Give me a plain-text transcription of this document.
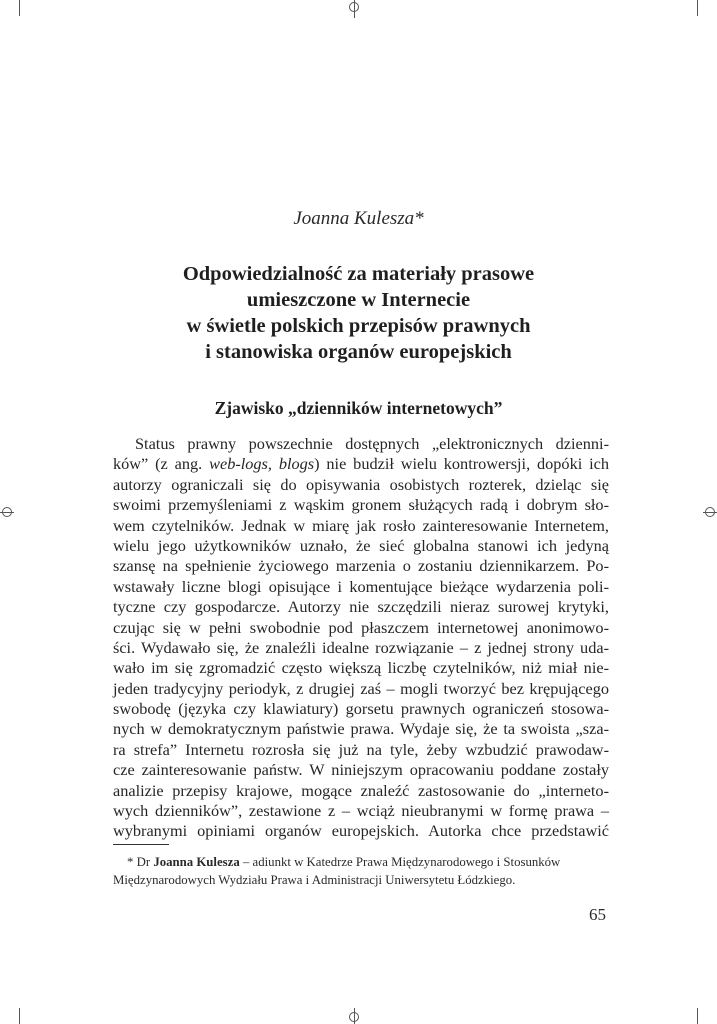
Joanna Kulesza*
Odpowiedzialność za materiały prasowe
umieszczone w Internecie
w świetle polskich przepisów prawnych
i stanowiska organów europejskich
Zjawisko „dzienników internetowych”
Status prawny powszechnie dostępnych „elektronicznych dzienni-
ków” (z ang. web-logs, blogs) nie budził wielu kontrowersji, dopóki ich
autorzy ograniczali się do opisywania osobistych rozterek, dzieląc się
swoimi przemyśleniami z wąskim gronem służących radą i dobrym sło-
wem czytelników. Jednak w miarę jak rosło zainteresowanie Internetem,
wielu jego użytkowników uznało, że sieć globalna stanowi ich jedyną
szansę na spełnienie życiowego marzenia o zostaniu dziennikarzem. Po-
wstawały liczne blogi opisujące i komentujące bieżące wydarzenia poli-
tyczne czy gospodarcze. Autorzy nie szczędzili nieraz surowej krytyki,
czując się w pełni swobodnie pod płaszczem internetowej anonimowo-
ści. Wydawało się, że znaleźli idealne rozwiązanie – z jednej strony uda-
wało im się zgromadzić często większą liczbę czytelników, niż miał nie-
jeden tradycyjny periodyk, z drugiej zaś – mogli tworzyć bez krępującego
swobodę (języka czy klawiatury) gorsetu prawnych ograniczeń stosowa-
nych w demokratycznym państwie prawa. Wydaje się, że ta swoista „sza-
ra strefa” Internetu rozrosła się już na tyle, żeby wzbudzić prawodaw-
cze zainteresowanie państw. W niniejszym opracowaniu poddane zostały
analizie przepisy krajowe, mogące znaleźć zastosowanie do „interneto-
wych dzienników”, zestawione z – wciąż nieubranymi w formę prawa –
wybranymi opiniami organów europejskich. Autorka chce przedstawić
* Dr Joanna Kulesza – adiunkt w Katedrze Prawa Międzynarodowego i Stosunków
Międzynarodowych Wydziału Prawa i Administracji Uniwersytetu Łódzkiego.
65
